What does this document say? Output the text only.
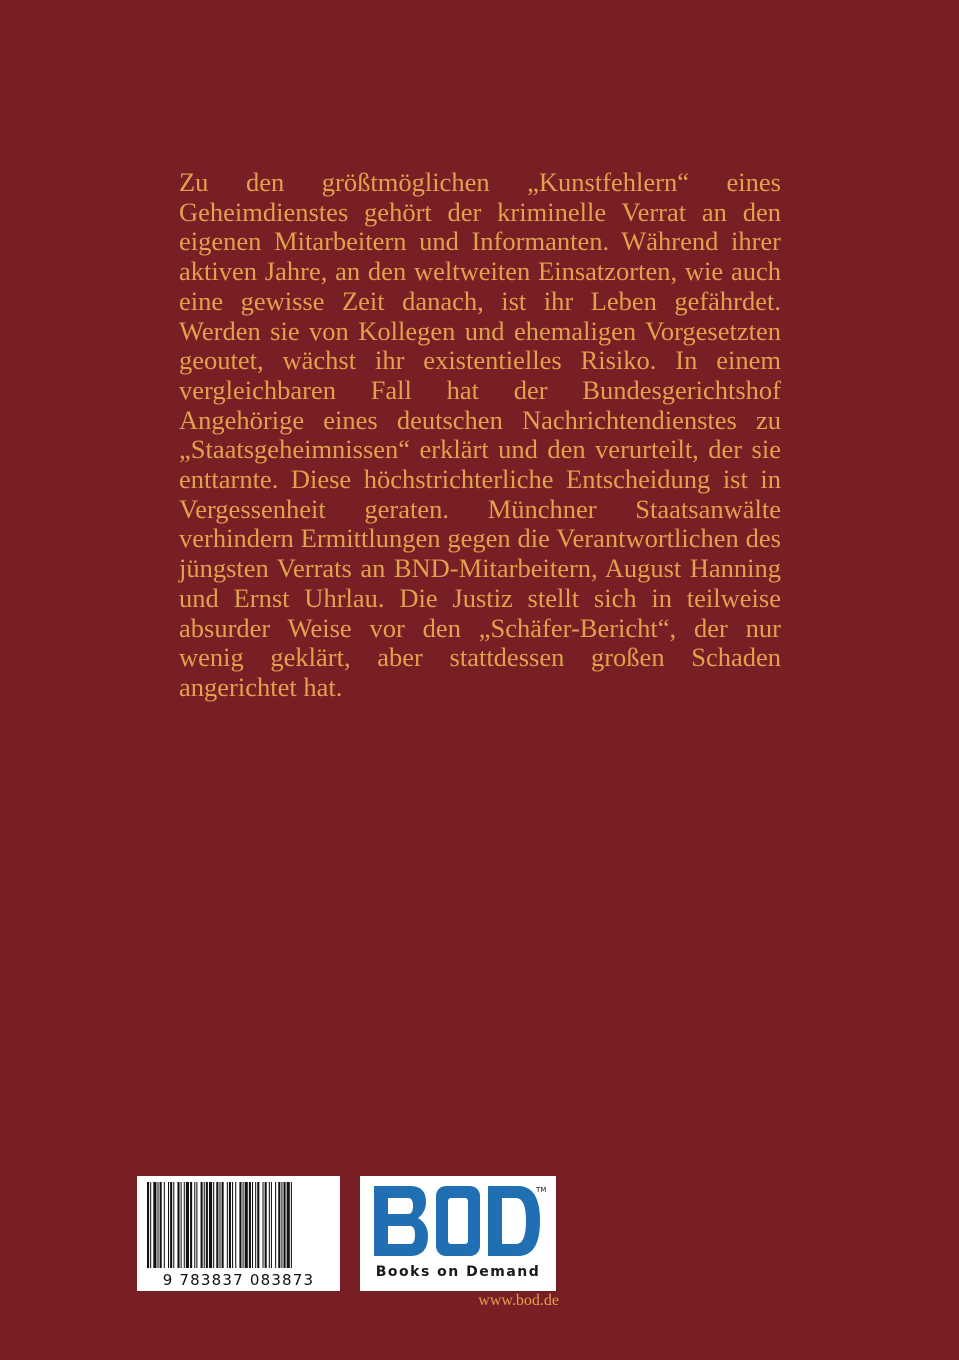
Zu den größtmöglichen „Kunstfehlern“ eines Geheimdienstes gehört der kriminelle Verrat an den eigenen Mitarbeitern und Informanten. Während ihrer aktiven Jahre, an den weltweiten Einsatzorten, wie auch eine gewisse Zeit danach, ist ihr Leben gefährdet. Werden sie von Kollegen und ehemaligen Vorgesetzten geoutet, wächst ihr existentielles Risiko. In einem vergleichbaren Fall hat der Bundesgerichtshof Angehörige eines deutschen Nachrichtendienstes zu „Staatsgeheimnissen“ erklärt und den verurteilt, der sie enttarnte. Diese höchstrichterliche Entscheidung ist in Vergessenheit geraten. Münchner Staatsanwälte verhindern Ermittlungen gegen die Verantwortlichen des jüngsten Verrats an BND-Mitarbeitern, August Hanning und Ernst Uhrlau. Die Justiz stellt sich in teilweise absurder Weise vor den „Schäfer-Bericht“, der nur wenig geklärt, aber stattdessen großen Schaden angerichtet hat.

9 783837 083873
TM
Books on Demand
www.bod.de
